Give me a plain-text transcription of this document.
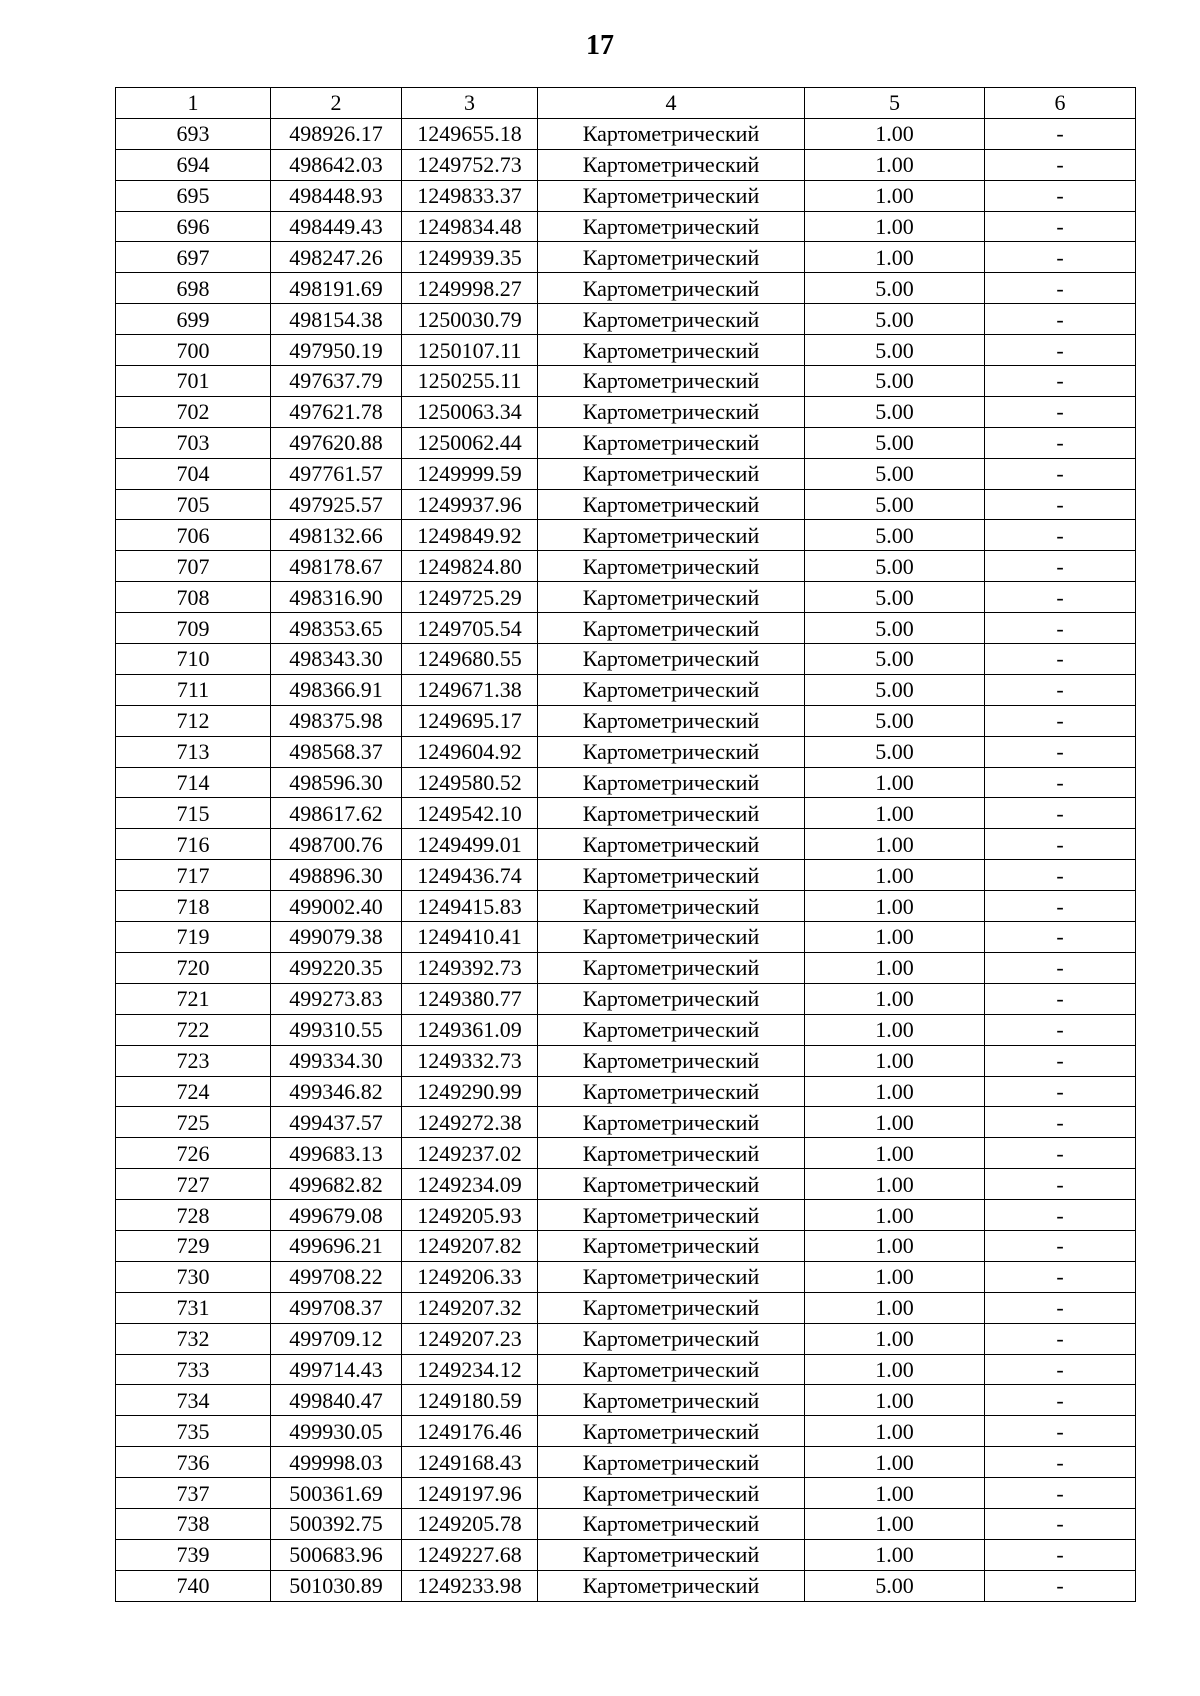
17
1	2	3	4	5	6
693	498926.17	1249655.18	Картометрический	1.00	-
694	498642.03	1249752.73	Картометрический	1.00	-
695	498448.93	1249833.37	Картометрический	1.00	-
696	498449.43	1249834.48	Картометрический	1.00	-
697	498247.26	1249939.35	Картометрический	1.00	-
698	498191.69	1249998.27	Картометрический	5.00	-
699	498154.38	1250030.79	Картометрический	5.00	-
700	497950.19	1250107.11	Картометрический	5.00	-
701	497637.79	1250255.11	Картометрический	5.00	-
702	497621.78	1250063.34	Картометрический	5.00	-
703	497620.88	1250062.44	Картометрический	5.00	-
704	497761.57	1249999.59	Картометрический	5.00	-
705	497925.57	1249937.96	Картометрический	5.00	-
706	498132.66	1249849.92	Картометрический	5.00	-
707	498178.67	1249824.80	Картометрический	5.00	-
708	498316.90	1249725.29	Картометрический	5.00	-
709	498353.65	1249705.54	Картометрический	5.00	-
710	498343.30	1249680.55	Картометрический	5.00	-
711	498366.91	1249671.38	Картометрический	5.00	-
712	498375.98	1249695.17	Картометрический	5.00	-
713	498568.37	1249604.92	Картометрический	5.00	-
714	498596.30	1249580.52	Картометрический	1.00	-
715	498617.62	1249542.10	Картометрический	1.00	-
716	498700.76	1249499.01	Картометрический	1.00	-
717	498896.30	1249436.74	Картометрический	1.00	-
718	499002.40	1249415.83	Картометрический	1.00	-
719	499079.38	1249410.41	Картометрический	1.00	-
720	499220.35	1249392.73	Картометрический	1.00	-
721	499273.83	1249380.77	Картометрический	1.00	-
722	499310.55	1249361.09	Картометрический	1.00	-
723	499334.30	1249332.73	Картометрический	1.00	-
724	499346.82	1249290.99	Картометрический	1.00	-
725	499437.57	1249272.38	Картометрический	1.00	-
726	499683.13	1249237.02	Картометрический	1.00	-
727	499682.82	1249234.09	Картометрический	1.00	-
728	499679.08	1249205.93	Картометрический	1.00	-
729	499696.21	1249207.82	Картометрический	1.00	-
730	499708.22	1249206.33	Картометрический	1.00	-
731	499708.37	1249207.32	Картометрический	1.00	-
732	499709.12	1249207.23	Картометрический	1.00	-
733	499714.43	1249234.12	Картометрический	1.00	-
734	499840.47	1249180.59	Картометрический	1.00	-
735	499930.05	1249176.46	Картометрический	1.00	-
736	499998.03	1249168.43	Картометрический	1.00	-
737	500361.69	1249197.96	Картометрический	1.00	-
738	500392.75	1249205.78	Картометрический	1.00	-
739	500683.96	1249227.68	Картометрический	1.00	-
740	501030.89	1249233.98	Картометрический	5.00	-
